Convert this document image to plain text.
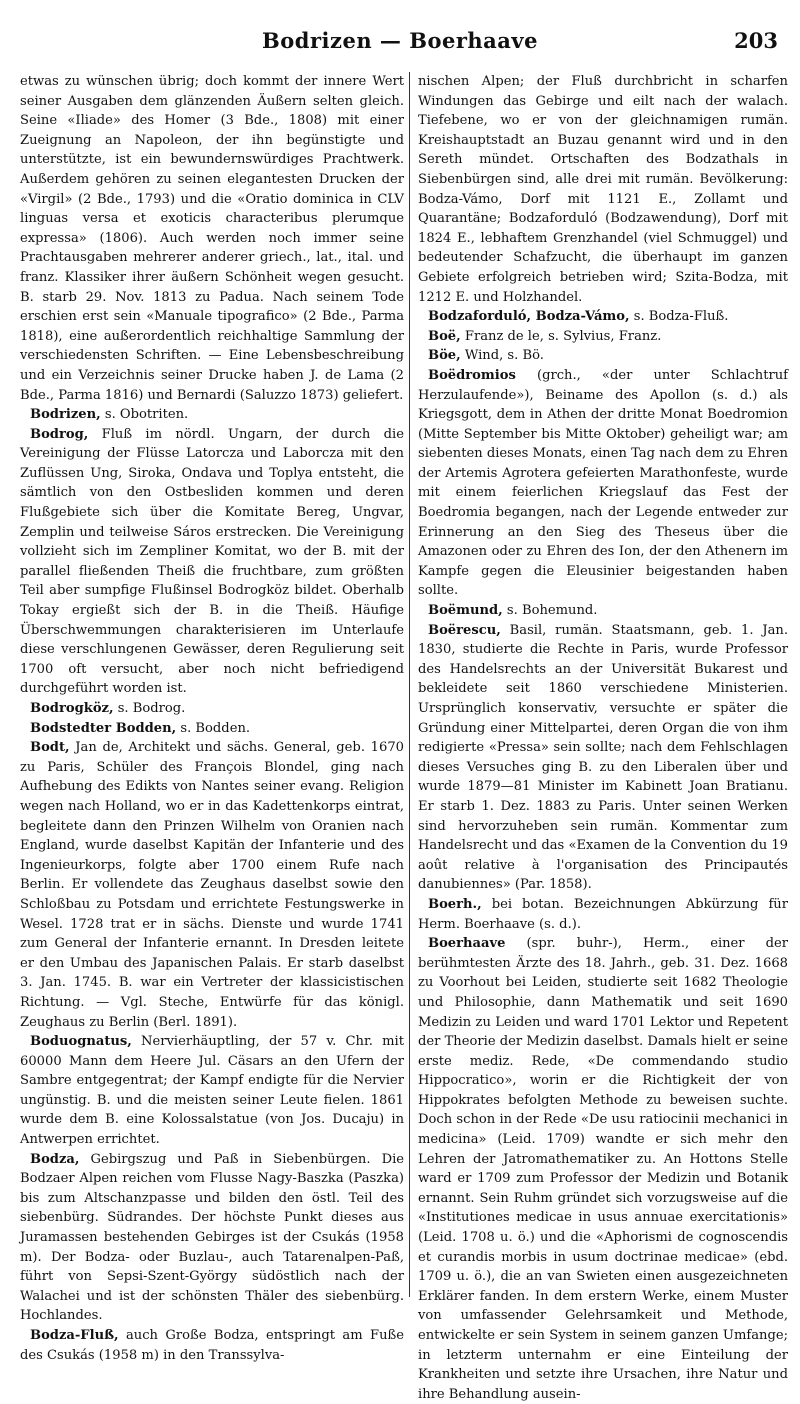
Bodrizen — Boerhaave	203

etwas zu wünschen übrig; doch kommt der innere Wert seiner Ausgaben dem glänzenden Äußern selten gleich. Seine «Iliade» des Homer (3 Bde., 1808) mit einer Zueignung an Napoleon, der ihn begünstigte und unterstützte, ist ein bewundernswürdiges Prachtwerk. Außerdem gehören zu seinen elegantesten Drucken der «Virgil» (2 Bde., 1793) und die «Oratio dominica in CLV linguas versa et exoticis characteribus plerumque expressa» (1806). Auch werden noch immer seine Prachtausgaben mehrerer anderer griech., lat., ital. und franz. Klassiker ihrer äußern Schönheit wegen gesucht. B. starb 29. Nov. 1813 zu Padua. Nach seinem Tode erschien erst sein «Manuale tipografico» (2 Bde., Parma 1818), eine außerordentlich reichhaltige Sammlung der verschiedensten Schriften. — Eine Lebensbeschreibung und ein Verzeichnis seiner Drucke haben J. de Lama (2 Bde., Parma 1816) und Bernardi (Saluzzo 1873) geliefert.

Bodrizen, s. Obotriten.

Bodrog, Fluß im nördl. Ungarn, der durch die Vereinigung der Flüsse Latorcza und Laborcza mit den Zuflüssen Ung, Siroka, Ondava und Toplya entsteht, die sämtlich von den Ostbesliden kommen und deren Flußgebiete sich über die Komitate Bereg, Ungvar, Zemplin und teilweise Sáros erstrecken. Die Vereinigung vollzieht sich im Zempliner Komitat, wo der B. mit der parallel fließenden Theiß die fruchtbare, zum größten Teil aber sumpfige Flußinsel Bodrogköz bildet. Oberhalb Tokay ergießt sich der B. in die Theiß. Häufige Überschwemmungen charakterisieren im Unterlaufe diese verschlungenen Gewässer, deren Regulierung seit 1700 oft versucht, aber noch nicht befriedigend durchgeführt worden ist.

Bodrogköz, s. Bodrog.

Bodstedter Bodden, s. Bodden.

Bodt, Jan de, Architekt und sächs. General, geb. 1670 zu Paris, Schüler des François Blondel, ging nach Aufhebung des Edikts von Nantes seiner evang. Religion wegen nach Holland, wo er in das Kadettenkorps eintrat, begleitete dann den Prinzen Wilhelm von Oranien nach England, wurde daselbst Kapitän der Infanterie und des Ingenieurkorps, folgte aber 1700 einem Rufe nach Berlin. Er vollendete das Zeughaus daselbst sowie den Schloßbau zu Potsdam und errichtete Festungswerke in Wesel. 1728 trat er in sächs. Dienste und wurde 1741 zum General der Infanterie ernannt. In Dresden leitete er den Umbau des Japanischen Palais. Er starb daselbst 3. Jan. 1745. B. war ein Vertreter der klassicistischen Richtung. — Vgl. Steche, Entwürfe für das königl. Zeughaus zu Berlin (Berl. 1891).

Boduognatus, Nervierhäuptling, der 57 v. Chr. mit 60000 Mann dem Heere Jul. Cäsars an den Ufern der Sambre entgegentrat; der Kampf endigte für die Nervier ungünstig. B. und die meisten seiner Leute fielen. 1861 wurde dem B. eine Kolossalstatue (von Jos. Ducaju) in Antwerpen errichtet.

Bodza, Gebirgszug und Paß in Siebenbürgen. Die Bodzaer Alpen reichen vom Flusse Nagy-Baszka (Paszka) bis zum Altschanzpasse und bilden den östl. Teil des siebenbürg. Südrandes. Der höchste Punkt dieses aus Juramassen bestehenden Gebirges ist der Csukás (1958 m). Der Bodza- oder Buzlau-, auch Tatarenalpen-Paß, führt von Sepsi-Szent-György südöstlich nach der Walachei und ist der schönsten Thäler des siebenbürg. Hochlandes.

Bodza-Fluß, auch Große Bodza, entspringt am Fuße des Csukás (1958 m) in den Transsylva-

nischen Alpen; der Fluß durchbricht in scharfen Windungen das Gebirge und eilt nach der walach. Tiefebene, wo er von der gleichnamigen rumän. Kreishauptstadt an Buzau genannt wird und in den Sereth mündet. Ortschaften des Bodzathals in Siebenbürgen sind, alle drei mit rumän. Bevölkerung: Bodza-Vámo, Dorf mit 1121 E., Zollamt und Quarantäne; Bodzaforduló (Bodzawendung), Dorf mit 1824 E., lebhaftem Grenzhandel (viel Schmuggel) und bedeutender Schafzucht, die überhaupt im ganzen Gebiete erfolgreich betrieben wird; Szita-Bodza, mit 1212 E. und Holzhandel.

Bodzaforduló, Bodza-Vámo, s. Bodza-Fluß.

Boë, Franz de le, s. Sylvius, Franz.

Böe, Wind, s. Bö.

Boëdromios (grch., «der unter Schlachtruf Herzulaufende»), Beiname des Apollon (s. d.) als Kriegsgott, dem in Athen der dritte Monat Boedromion (Mitte September bis Mitte Oktober) geheiligt war; am siebenten dieses Monats, einen Tag nach dem zu Ehren der Artemis Agrotera gefeierten Marathonfeste, wurde mit einem feierlichen Kriegslauf das Fest der Boedromia begangen, nach der Legende entweder zur Erinnerung an den Sieg des Theseus über die Amazonen oder zu Ehren des Ion, der den Athenern im Kampfe gegen die Eleusinier beigestanden haben sollte.

Boëmund, s. Bohemund.

Boërescu, Basil, rumän. Staatsmann, geb. 1. Jan. 1830, studierte die Rechte in Paris, wurde Professor des Handelsrechts an der Universität Bukarest und bekleidete seit 1860 verschiedene Ministerien. Ursprünglich konservativ, versuchte er später die Gründung einer Mittelpartei, deren Organ die von ihm redigierte «Pressa» sein sollte; nach dem Fehlschlagen dieses Versuches ging B. zu den Liberalen über und wurde 1879—81 Minister im Kabinett Joan Bratianu. Er starb 1. Dez. 1883 zu Paris. Unter seinen Werken sind hervorzuheben sein rumän. Kommentar zum Handelsrecht und das «Examen de la Convention du 19 août relative à l'organisation des Principautés danubiennes» (Par. 1858).

Boerh., bei botan. Bezeichnungen Abkürzung für Herm. Boerhaave (s. d.).

Boerhaave (spr. buhr-), Herm., einer der berühmtesten Ärzte des 18. Jahrh., geb. 31. Dez. 1668 zu Voorhout bei Leiden, studierte seit 1682 Theologie und Philosophie, dann Mathematik und seit 1690 Medizin zu Leiden und ward 1701 Lektor und Repetent der Theorie der Medizin daselbst. Damals hielt er seine erste mediz. Rede, «De commendando studio Hippocratico», worin er die Richtigkeit der von Hippokrates befolgten Methode zu beweisen suchte. Doch schon in der Rede «De usu ratiocinii mechanici in medicina» (Leid. 1709) wandte er sich mehr den Lehren der Jatromathematiker zu. An Hottons Stelle ward er 1709 zum Professor der Medizin und Botanik ernannt. Sein Ruhm gründet sich vorzugsweise auf die «Institutiones medicae in usus annuae exercitationis» (Leid. 1708 u. ö.) und die «Aphorismi de cognoscendis et curandis morbis in usum doctrinae medicae» (ebd. 1709 u. ö.), die an van Swieten einen ausgezeichneten Erklärer fanden. In dem erstern Werke, einem Muster von umfassender Gelehrsamkeit und Methode, entwickelte er sein System in seinem ganzen Umfange; in letzterm unternahm er eine Einteilung der Krankheiten und setzte ihre Ursachen, ihre Natur und ihre Behandlung ausein-
